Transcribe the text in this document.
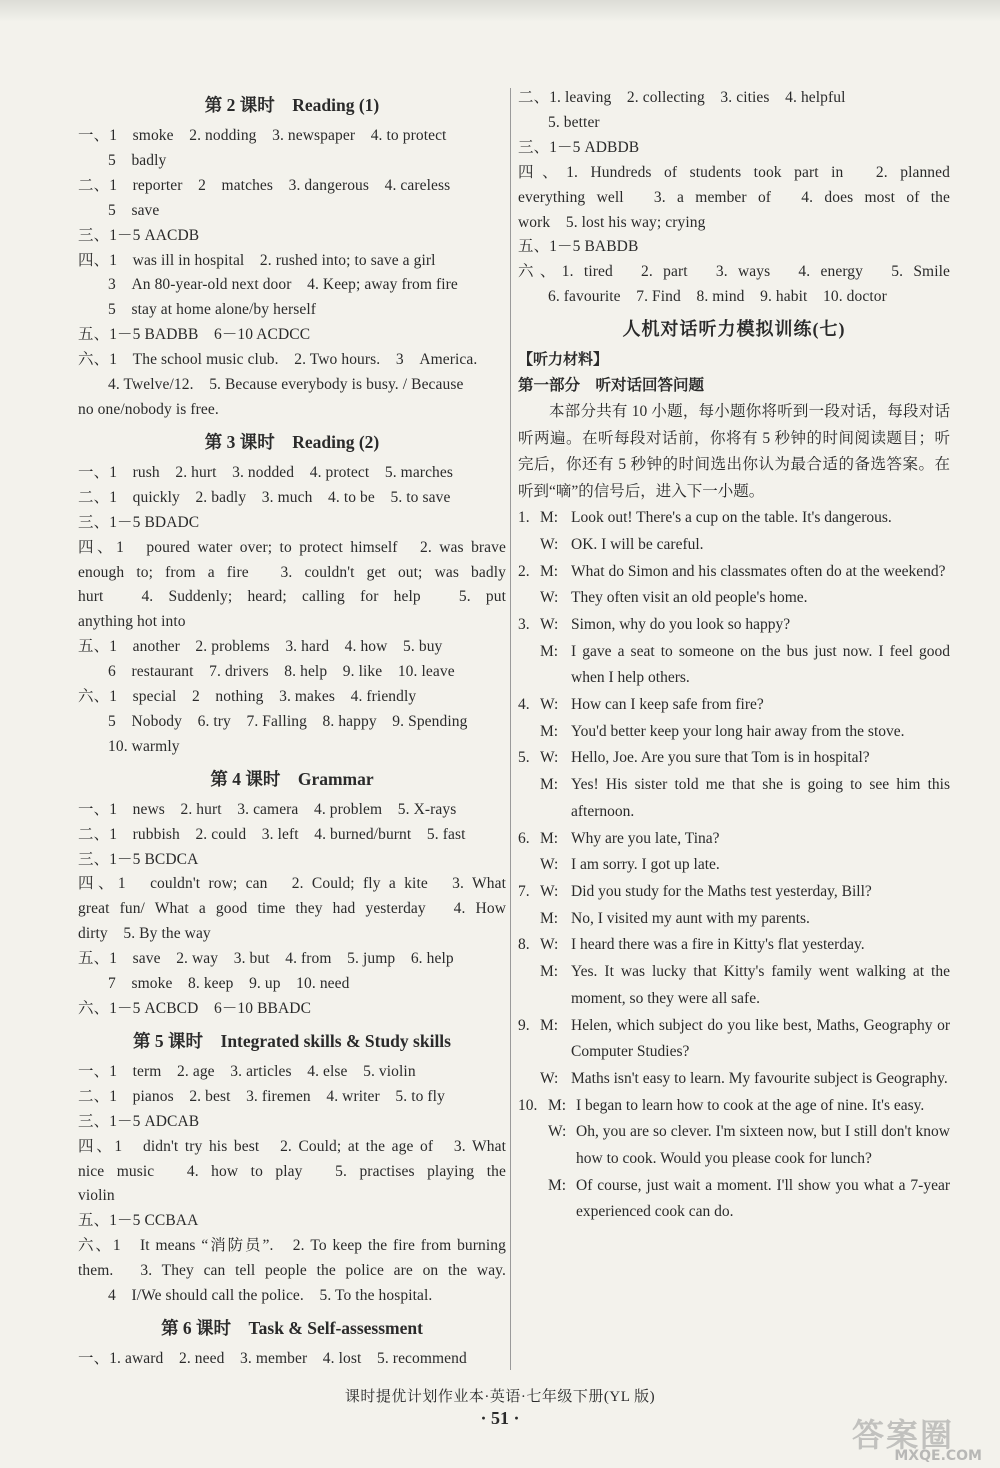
第 2 课时　Reading (1)
一、1　smoke　2. nodding　3. newspaper　4. to protect
5　badly
二、1　reporter　2　matches　3. dangerous　4. careless
5　save
三、1－5 AACDB
四、1　was ill in hospital　2. rushed into; to save a girl
3　An 80-year-old next door　4. Keep; away from fire
5　stay at home alone/by herself
五、1－5 BADBB　6－10 ACDCC
六、1　The school music club.　2. Two hours.　3　America.
4. Twelve/12.　5. Because everybody is busy. / Because
no one/nobody is free.
第 3 课时　Reading (2)
一、1　rush　2. hurt　3. nodded　4. protect　5. marches
二、1　quickly　2. badly　3. much　4. to be　5. to save
三、1－5 BDADC
四、1　poured water over; to protect himself　2. was brave
enough to; from a fire　3. couldn't get out; was badly
hurt　4. Suddenly; heard; calling for help　5. put
anything hot into
五、1　another　2. problems　3. hard　4. how　5. buy
6　restaurant　7. drivers　8. help　9. like　10. leave
六、1　special　2　nothing　3. makes　4. friendly
5　Nobody　6. try　7. Falling　8. happy　9. Spending
10. warmly
第 4 课时　Grammar
一、1　news　2. hurt　3. camera　4. problem　5. X-rays
二、1　rubbish　2. could　3. left　4. burned/burnt　5. fast
三、1－5 BCDCA
四、1　couldn't row; can　2. Could; fly a kite　3. What
great fun/ What a good time they had yesterday　4. How
dirty　5. By the way
五、1　save　2. way　3. but　4. from　5. jump　6. help
7　smoke　8. keep　9. up　10. need
六、1－5 ACBCD　6－10 BBADC
第 5 课时　Integrated skills & Study skills
一、1　term　2. age　3. articles　4. else　5. violin
二、1　pianos　2. best　3. firemen　4. writer　5. to fly
三、1－5 ADCAB
四、1　didn't try his best　2. Could; at the age of　3. What
nice music　4. how to play　5. practises playing the
violin
五、1－5 CCBAA
六、1　It means “消防员”.　2. To keep the fire from burning
them.　3. They can tell people the police are on the way.
4　I/We should call the police.　5. To the hospital.
第 6 课时　Task & Self-assessment
一、1. award　2. need　3. member　4. lost　5. recommend
二、1. leaving　2. collecting　3. cities　4. helpful
5. better
三、1－5 ADBDB
四、1. Hundreds of students took part in　2. planned
everything well　3. a member of　4. does most of the
work　5. lost his way; crying
五、1－5 BABDB
六、1. tired　2. part　3. ways　4. energy　5. Smile
6. favourite　7. Find　8. mind　9. habit　10. doctor
人机对话听力模拟训练(七)
【听力材料】
第一部分　听对话回答问题
本部分共有 10 小题，每小题你将听到一段对话，每段对话听两遍。在听每段对话前，你将有 5 秒钟的时间阅读题目；听完后，你还有 5 秒钟的时间选出你认为最合适的备选答案。在听到“嘀”的信号后，进入下一小题。
1. M: Look out! There's a cup on the table. It's dangerous.
W: OK. I will be careful.
2. M: What do Simon and his classmates often do at the weekend?
W: They often visit an old people's home.
3. W: Simon, why do you look so happy?
M: I gave a seat to someone on the bus just now. I feel good when I help others.
4. W: How can I keep safe from fire?
M: You'd better keep your long hair away from the stove.
5. W: Hello, Joe. Are you sure that Tom is in hospital?
M: Yes! His sister told me that she is going to see him this afternoon.
6. M: Why are you late, Tina?
W: I am sorry. I got up late.
7. W: Did you study for the Maths test yesterday, Bill?
M: No, I visited my aunt with my parents.
8. W: I heard there was a fire in Kitty's flat yesterday.
M: Yes. It was lucky that Kitty's family went walking at the moment, so they were all safe.
9. M: Helen, which subject do you like best, Maths, Geography or Computer Studies?
W: Maths isn't easy to learn. My favourite subject is Geography.
10. M: I began to learn how to cook at the age of nine. It's easy.
W: Oh, you are so clever. I'm sixteen now, but I still don't know how to cook. Would you please cook for lunch?
M: Of course, just wait a moment. I'll show you what a 7-year experienced cook can do.
课时提优计划作业本·英语·七年级下册(YL 版)
· 51 ·	答案圈
MXQE.COM
